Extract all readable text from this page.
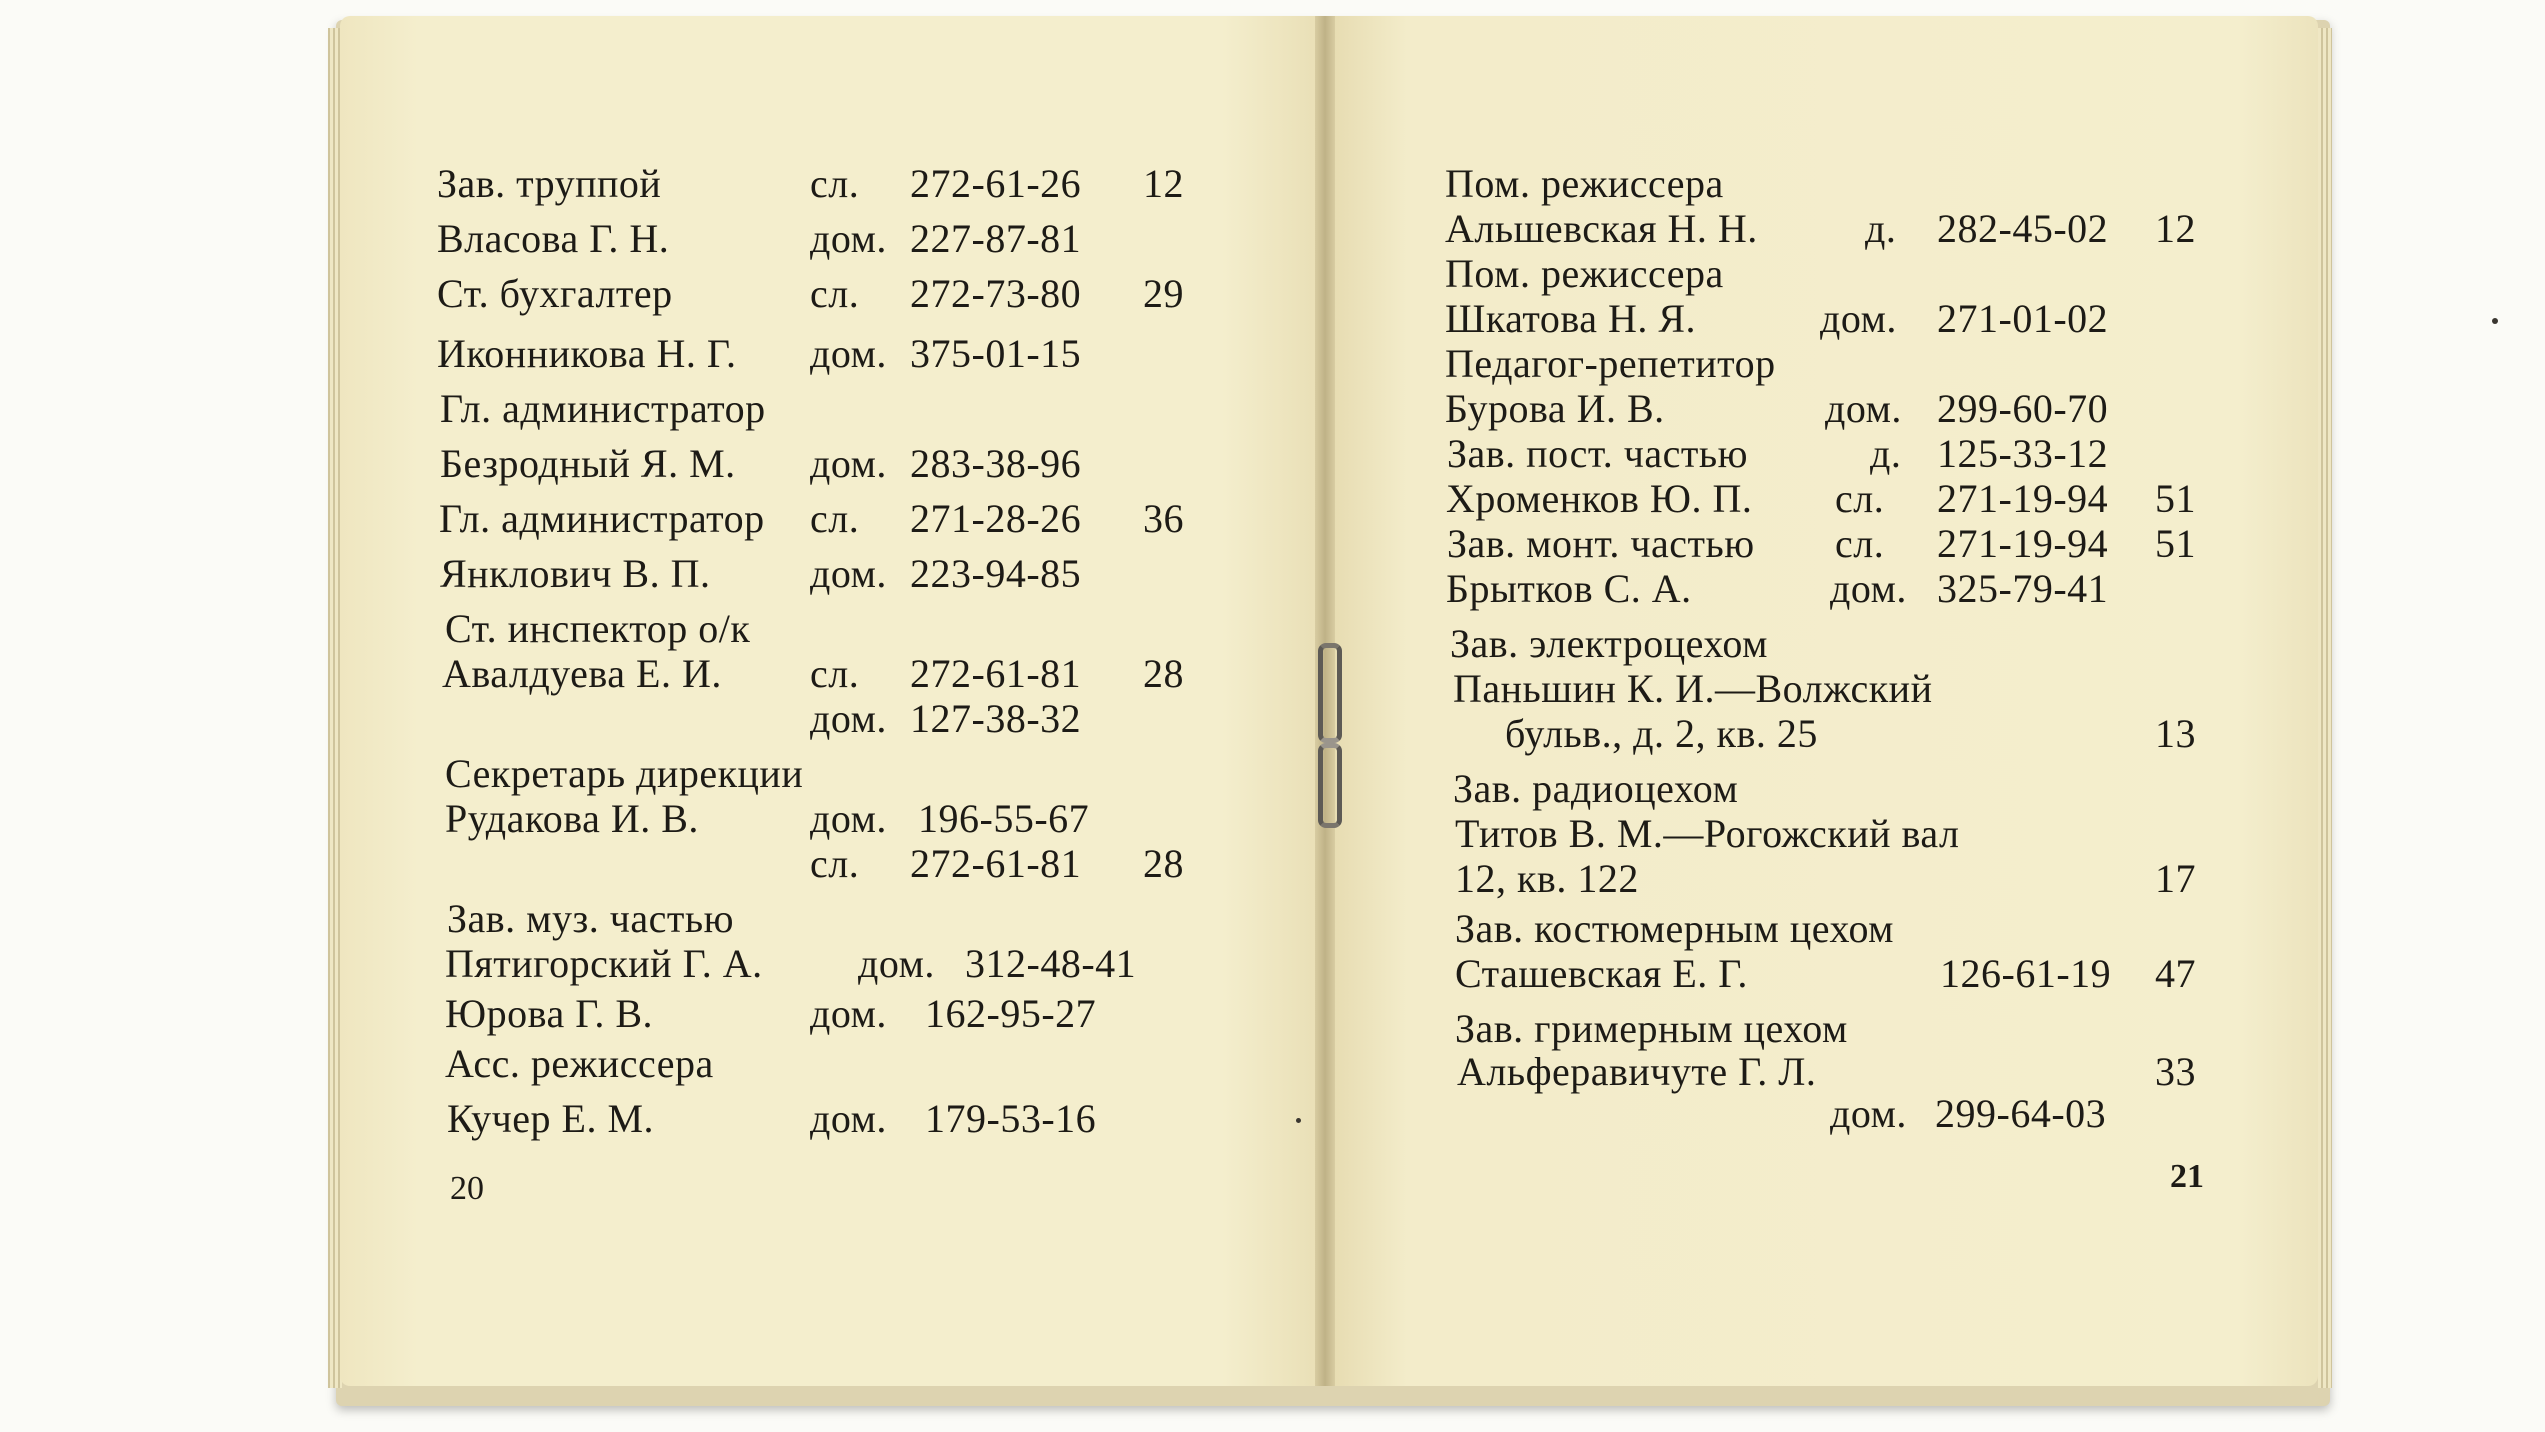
Зав. труппой	сл. 272-61-26 12

Власова Г. Н.	дом. 227-87-81

Ст. бухгалтер	сл. 272-73-80 29

Иконникова Н. Г. дом. 375-01-15

Гл. администратор

Безродный Я. М. дом. 283-38-96

Гл. администратор сл. 271-28-26 36

Янклович В. П. дом. 223-94-85

Ст. инспектор о/к

Авалдуева Е. И. сл. 272-61-81 28

дом. 127-38-32

Секретарь дирекции

Рудакова И. В.	дом. 196-55-67

сл. 272-61-81 28

Зав. муз. частью

Пятигорский Г. А. дом. 312-48-41

Юрова Г. В.	дом. 162-95-27

Асс. режиссера

Кучер Е. М.	дом. 179-53-16

20

Пом. режиссера

Альшевская Н. Н.	д. 282-45-02 12

Пом. режиссера

Шкатова Н. Я.	дом. 271-01-02

Педагог-репетитор

Бурова И. В.	дом. 299-60-70

Зав. пост. частью	д. 125-33-12

Хроменков Ю. П. сл. 271-19-94 51

Зав. монт. частью сл. 271-19-94 51

Брытков С. А.	дом. 325-79-41

Зав. электроцехом

Паньшин К. И.—Волжский

бульв., д. 2, кв. 25	13

Зав. радиоцехом

Титов В. М.—Рогожский вал

12, кв. 122	17

Зав. костюмерным цехом

Сташевская Е. Г.	126-61-19 47

Зав. гримерным цехом

Альферавичуте Г. Л.	33

дом. 299-64-03

21
